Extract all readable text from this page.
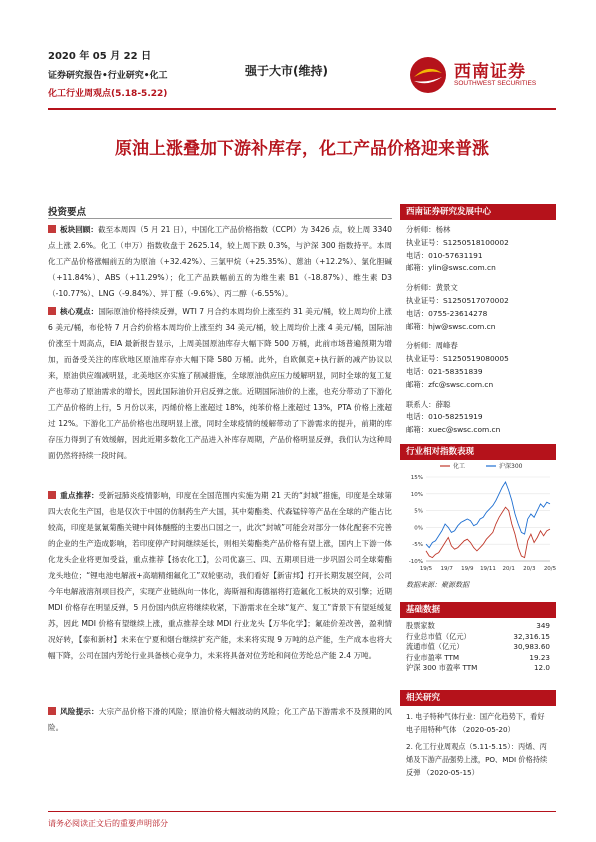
2020 年 05 月 22 日
证券研究报告•行业研究•化工
化工行业周观点(5.18-5.22)
强于大市(维持)	西南证券
SOUTHWEST SECURITIES
原油上涨叠加下游补库存，化工产品价格迎来普涨
投资要点
板块回顾：截至本周四（5 月 21 日），中国化工产品价格指数（CCPI）为 3426 点，较上周 3340 点上涨 2.6%。化工（申万）指数收盘于 2625.14，较上周下跌 0.3%，与沪深 300 指数持平。本周化工产品价格涨幅前五的为原油（+32.42%）、三氯甲烷（+25.35%）、蒽油（+12.2%）、氯化胆碱（+11.84%）、ABS（+11.29%）；化工产品跌幅前五的为维生素 B1（-18.87%）、维生素 D3（-10.77%）、LNG（-9.84%）、异丁醛（-9.6%）、丙二醇（-6.55%）。
核心观点：国际原油价格持续反弹，WTI 7 月合约本周均价上涨至约 31 美元/桶，较上周均价上涨 6 美元/桶，布伦特 7 月合约价格本周均价上涨至约 34 美元/桶，较上周均价上涨 4 美元/桶，国际油价涨至十周高点，EIA 最新报告显示，上周美国原油库存大幅下降 500 万桶，此前市场普遍预期为增加，而备受关注的库欣地区原油库存亦大幅下降 580 万桶。此外，自欧佩克+执行新的减产协议以来，原油供应端减明显，北美地区亦实施了削减措施，全球原油供应压力缓解明显，同时全球的复工复产也带动了原油需求的增长，因此国际油价开启反弹之旅。近期国际油价的上涨，也充分带动了下游化工产品价格的上行，5 月份以来，丙烯价格上涨超过 18%，纯苯价格上涨超过 13%，PTA 价格上涨超过 12%。下游化工产品价格也出现明显上涨，同时全球疫情的缓解带动了下游需求的提升，前期的库存压力得到了有效缓解，因此近期多数化工产品进入补库存周期，产品价格明显反弹，我们认为这种局面仍然将持续一段时间。
重点推荐：受新冠肺炎疫情影响，印度在全国范围内实施为期 21 天的“封城”措施，印度是全球第四大农化生产国，也是仅次于中国的仿制药生产大国，其中菊酯类、代森锰锌等产品在全球的产能占比较高，印度是氯氰菊酯关键中间体醚醛的主要出口国之一，此次“封城”可能会对部分一体化配套不完善的企业的生产造成影响，若印度停产时间继续延长，则相关菊酯类产品价格有望上涨，国内上下游一体化龙头企业将更加受益，重点推荐【扬农化工】，公司优嘉三、四、五期项目进一步巩固公司全球菊酯龙头地位；“锂电池电解液+高端精细氟化工”双轮驱动，我们看好【新宙邦】打开长期发展空间，公司今年电解液溶剂项目投产，实现产业链纵向一体化，海斯福和海德福将打造氟化工板块的双引擎；近期 MDI 价格存在明显反弹，5 月份国内供应将继续收紧，下游需求在全球“复产、复工”背景下有望延缓复苏，因此 MDI 价格有望继续上涨，重点推荐全球 MDI 行业龙头【万华化学】；氟硅价差改善，盈利情况好转，【泰和新材】未来在宁夏和烟台继续扩充产能，未来将实现 9 万吨的总产能，生产成本也将大幅下降，公司在国内芳纶行业具备核心竞争力，未来将具备对位芳纶和间位芳纶总产能 2.4 万吨。
风险提示：大宗产品价格下滑的风险；原油价格大幅波动的风险；化工产品下游需求不及预期的风险。
西南证券研究发展中心
分析师：杨林
执业证号：S1250518100002
电话：010-57631191
邮箱：ylin@swsc.com.cn
分析师：黄景文
执业证号：S1250517070002
电话：0755-23614278
邮箱：hjw@swsc.com.cn
分析师：周峰春
执业证号：S1250519080005
电话：021-58351839
邮箱：zfc@swsc.com.cn
联系人：薛聪
电话：010-58251919
邮箱：xuec@swsc.com.cn
行业相对指数表现
15%
10%
5%
0%
-5%
-10%
19/5 19/7 19/9 19/11 20/1 20/3 20/5
化工	沪深300
数据来源：聚源数据
基础数据
股票家数	349
行业总市值（亿元）	32,316.15
流通市值（亿元）	30,983.60
行业市盈率 TTM	19.23
沪深 300 市盈率 TTM	12.0
相关研究
1. 电子特种气体行业：国产化趋势下，看好电子用特种气体 （2020-05-20）
2. 化工行业周观点（5.11-5.15）：丙烯、丙烯及下游产品强势上涨，PO、MDI 价格持续反弹 （2020-05-15）
请务必阅读正文后的重要声明部分
